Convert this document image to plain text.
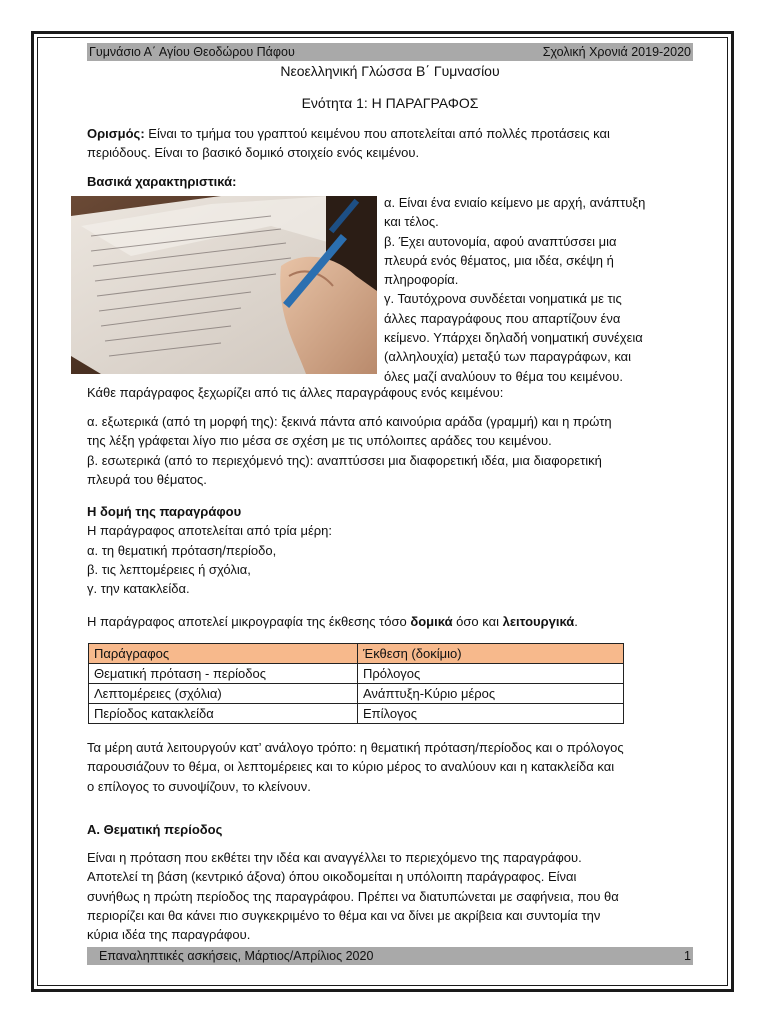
Γυμνάσιο Α΄ Αγίου Θεοδώρου Πάφου	Σχολική Χρονιά 2019-2020
Νεοελληνική Γλώσσα Β΄ Γυμνασίου
Ενότητα 1: Η ΠΑΡΑΓΡΑΦΟΣ

Ορισμός: Είναι το τμήμα του γραπτού κειμένου που αποτελείται από πολλές προτάσεις και

περιόδους. Είναι το βασικό δομικό στοιχείο ενός κειμένου.

Βασικά χαρακτηριστικά:

α. Είναι ένα ενιαίο κείμενο με αρχή, ανάπτυξη

και τέλος.

β. Έχει αυτονομία, αφού αναπτύσσει μια

πλευρά ενός θέματος, μια ιδέα, σκέψη ή

πληροφορία.

γ. Ταυτόχρονα συνδέεται νοηματικά με τις

άλλες παραγράφους που απαρτίζουν ένα

κείμενο. Υπάρχει δηλαδή νοηματική συνέχεια

(αλληλουχία) μεταξύ των παραγράφων, και

όλες μαζί αναλύουν το θέμα του κειμένου.

Κάθε παράγραφος ξεχωρίζει από τις άλλες παραγράφους ενός κειμένου:

α. εξωτερικά (από τη μορφή της): ξεκινά πάντα από καινούρια αράδα (γραμμή) και η πρώτη

της λέξη γράφεται λίγο πιο μέσα σε σχέση με τις υπόλοιπες αράδες του κειμένου.

β. εσωτερικά (από το περιεχόμενό της): αναπτύσσει μια διαφορετική ιδέα, μια διαφορετική

πλευρά του θέματος.

Η δομή της παραγράφου

Η παράγραφος αποτελείται από τρία μέρη:

α. τη θεματική πρόταση/περίοδο,

β. τις λεπτομέρειες ή σχόλια,

γ. την κατακλείδα.

Η παράγραφος αποτελεί μικρογραφία της έκθεσης τόσο δομικά όσο και λειτουργικά.
Παράγραφος	Έκθεση (δοκίμιο)
Θεματική πρόταση - περίοδος	Πρόλογος
Λεπτομέρειες (σχόλια)	Ανάπτυξη-Κύριο μέρος
Περίοδος κατακλείδα	Επίλογος

Τα μέρη αυτά λειτουργούν κατ’ ανάλογο τρόπο: η θεματική πρόταση/περίοδος και ο πρόλογος

παρουσιάζουν το θέμα, οι λεπτομέρειες και το κύριο μέρος το αναλύουν και η κατακλείδα και

ο επίλογος το συνοψίζουν, το κλείνουν.

Α. Θεματική περίοδος

Είναι η πρόταση που εκθέτει την ιδέα και αναγγέλλει το περιεχόμενο της παραγράφου.

Αποτελεί τη βάση (κεντρικό άξονα) όπου οικοδομείται η υπόλοιπη παράγραφος. Είναι

συνήθως η πρώτη περίοδος της παραγράφου. Πρέπει να διατυπώνεται με σαφήνεια, που θα

περιορίζει και θα κάνει πιο συγκεκριμένο το θέμα και να δίνει με ακρίβεια και συντομία την

κύρια ιδέα της παραγράφου.

Επαναληπτικές ασκήσεις, Μάρτιος/Απρίλιος 2020	1
